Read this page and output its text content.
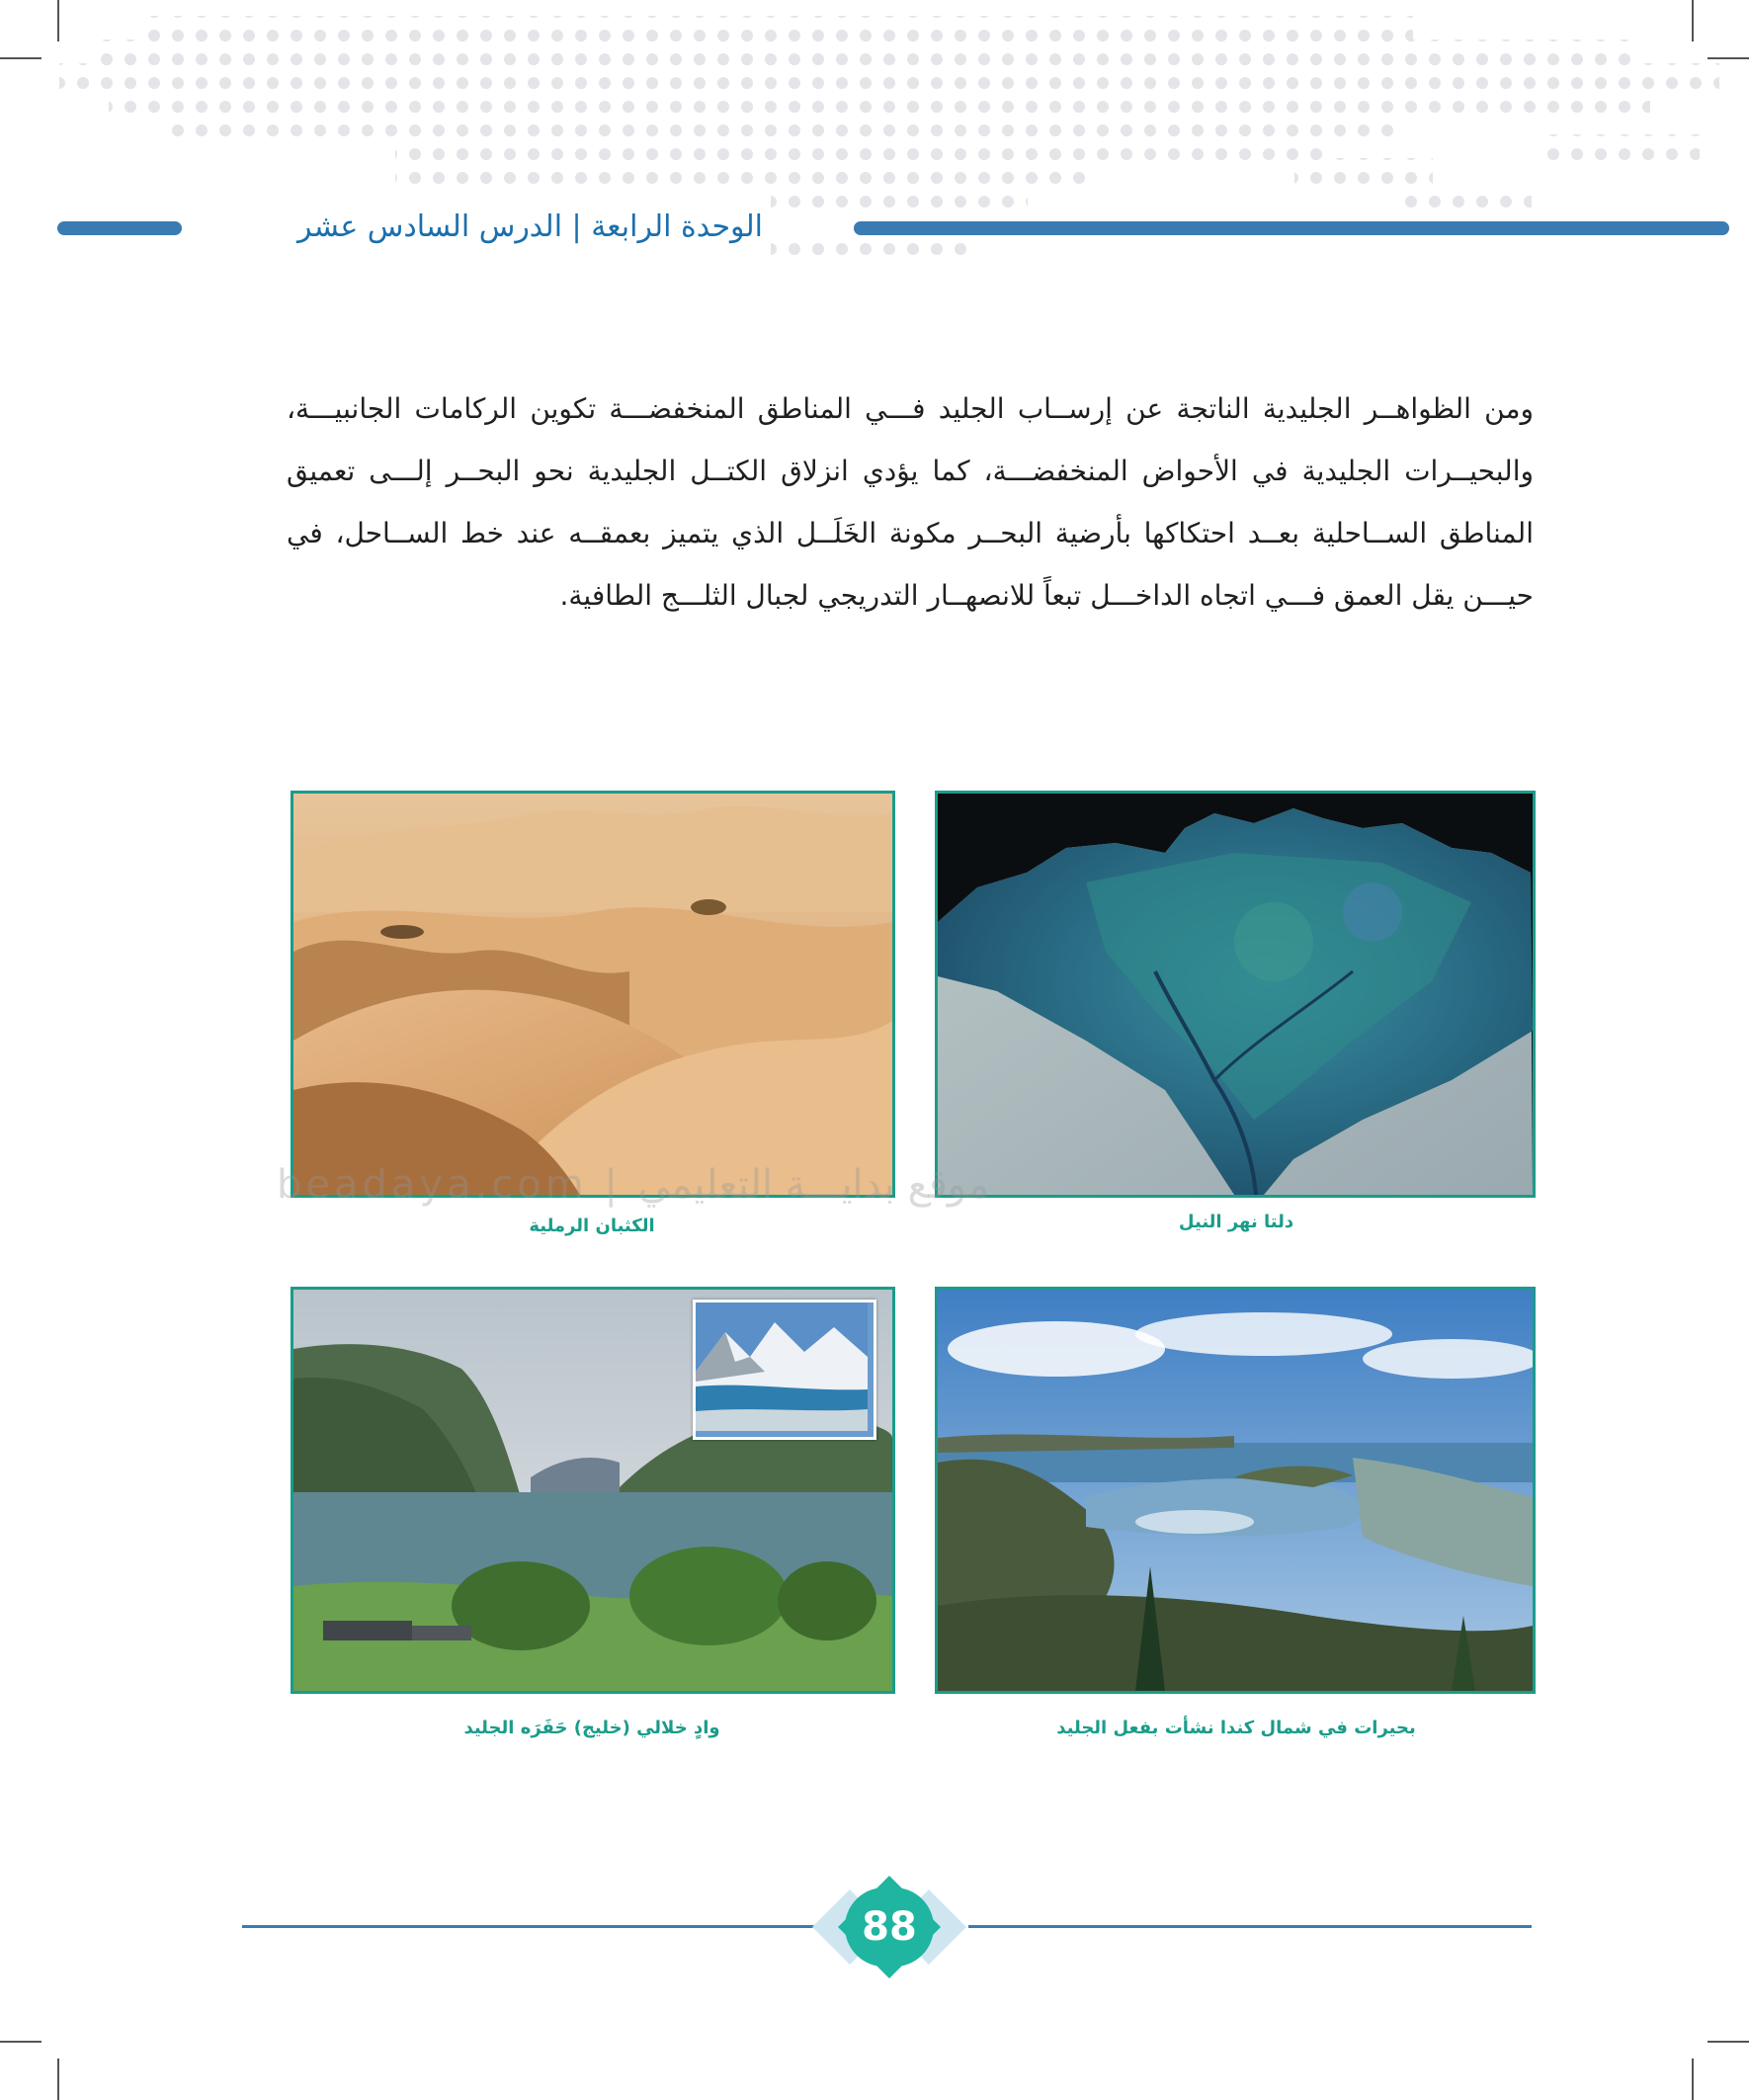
الوحدة الرابعة | الدرس السادس عشر
ومن الظواهــر الجليدية الناتجة عن إرســاب الجليد فـــي المناطق المنخفضـــة تكوين الركامات الجانبيـــة، والبحيــرات الجليدية في الأحواض المنخفضـــة، كما يؤدي انزلاق الكتــل الجليدية نحو البحــر إلـــى تعميق المناطق الســاحلية بعــد احتكاكها بأرضية البحــر مكونة الخَلَــل الذي يتميز بعمقــه عند خط الســاحل، في حيـــن يقل العمق فـــي اتجاه الداخـــل تبعاً للانصهــار التدريجي لجبال الثلـــج الطافية.
دلتا نهر النيل
الكثبان الرملية
بحيرات في شمال كندا نشأت بفعل الجليد
وادٍ خلالي (خليج) حَفَرَه الجليد
beadaya.com | موقع بدايـــة التعليمي
88
